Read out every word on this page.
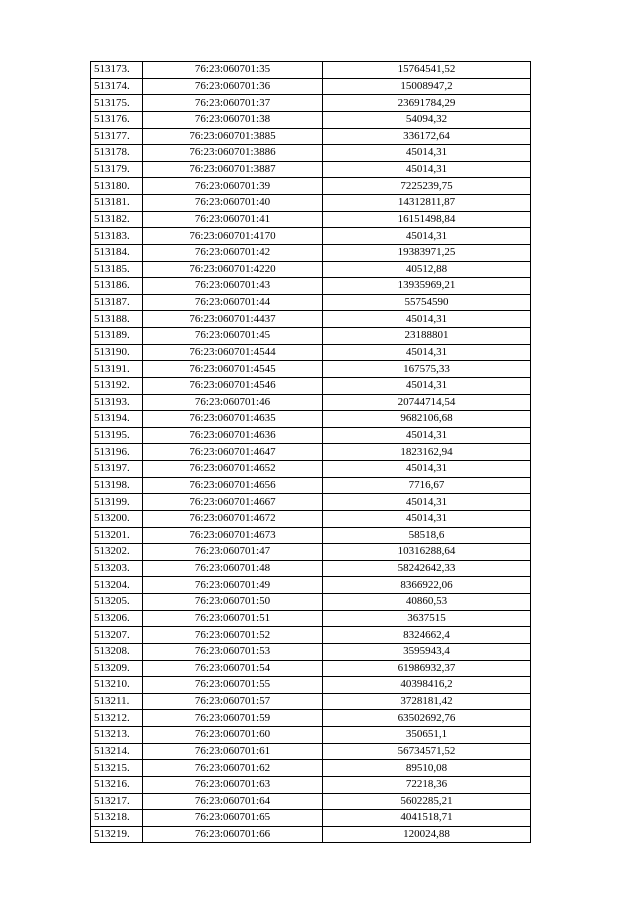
513173.	76:23:060701:35	15764541,52
513174.	76:23:060701:36	15008947,2
513175.	76:23:060701:37	23691784,29
513176.	76:23:060701:38	54094,32
513177.	76:23:060701:3885	336172,64
513178.	76:23:060701:3886	45014,31
513179.	76:23:060701:3887	45014,31
513180.	76:23:060701:39	7225239,75
513181.	76:23:060701:40	14312811,87
513182.	76:23:060701:41	16151498,84
513183.	76:23:060701:4170	45014,31
513184.	76:23:060701:42	19383971,25
513185.	76:23:060701:4220	40512,88
513186.	76:23:060701:43	13935969,21
513187.	76:23:060701:44	55754590
513188.	76:23:060701:4437	45014,31
513189.	76:23:060701:45	23188801
513190.	76:23:060701:4544	45014,31
513191.	76:23:060701:4545	167575,33
513192.	76:23:060701:4546	45014,31
513193.	76:23:060701:46	20744714,54
513194.	76:23:060701:4635	9682106,68
513195.	76:23:060701:4636	45014,31
513196.	76:23:060701:4647	1823162,94
513197.	76:23:060701:4652	45014,31
513198.	76:23:060701:4656	7716,67
513199.	76:23:060701:4667	45014,31
513200.	76:23:060701:4672	45014,31
513201.	76:23:060701:4673	58518,6
513202.	76:23:060701:47	10316288,64
513203.	76:23:060701:48	58242642,33
513204.	76:23:060701:49	8366922,06
513205.	76:23:060701:50	40860,53
513206.	76:23:060701:51	3637515
513207.	76:23:060701:52	8324662,4
513208.	76:23:060701:53	3595943,4
513209.	76:23:060701:54	61986932,37
513210.	76:23:060701:55	40398416,2
513211.	76:23:060701:57	3728181,42
513212.	76:23:060701:59	63502692,76
513213.	76:23:060701:60	350651,1
513214.	76:23:060701:61	56734571,52
513215.	76:23:060701:62	89510,08
513216.	76:23:060701:63	72218,36
513217.	76:23:060701:64	5602285,21
513218.	76:23:060701:65	4041518,71
513219.	76:23:060701:66	120024,88
